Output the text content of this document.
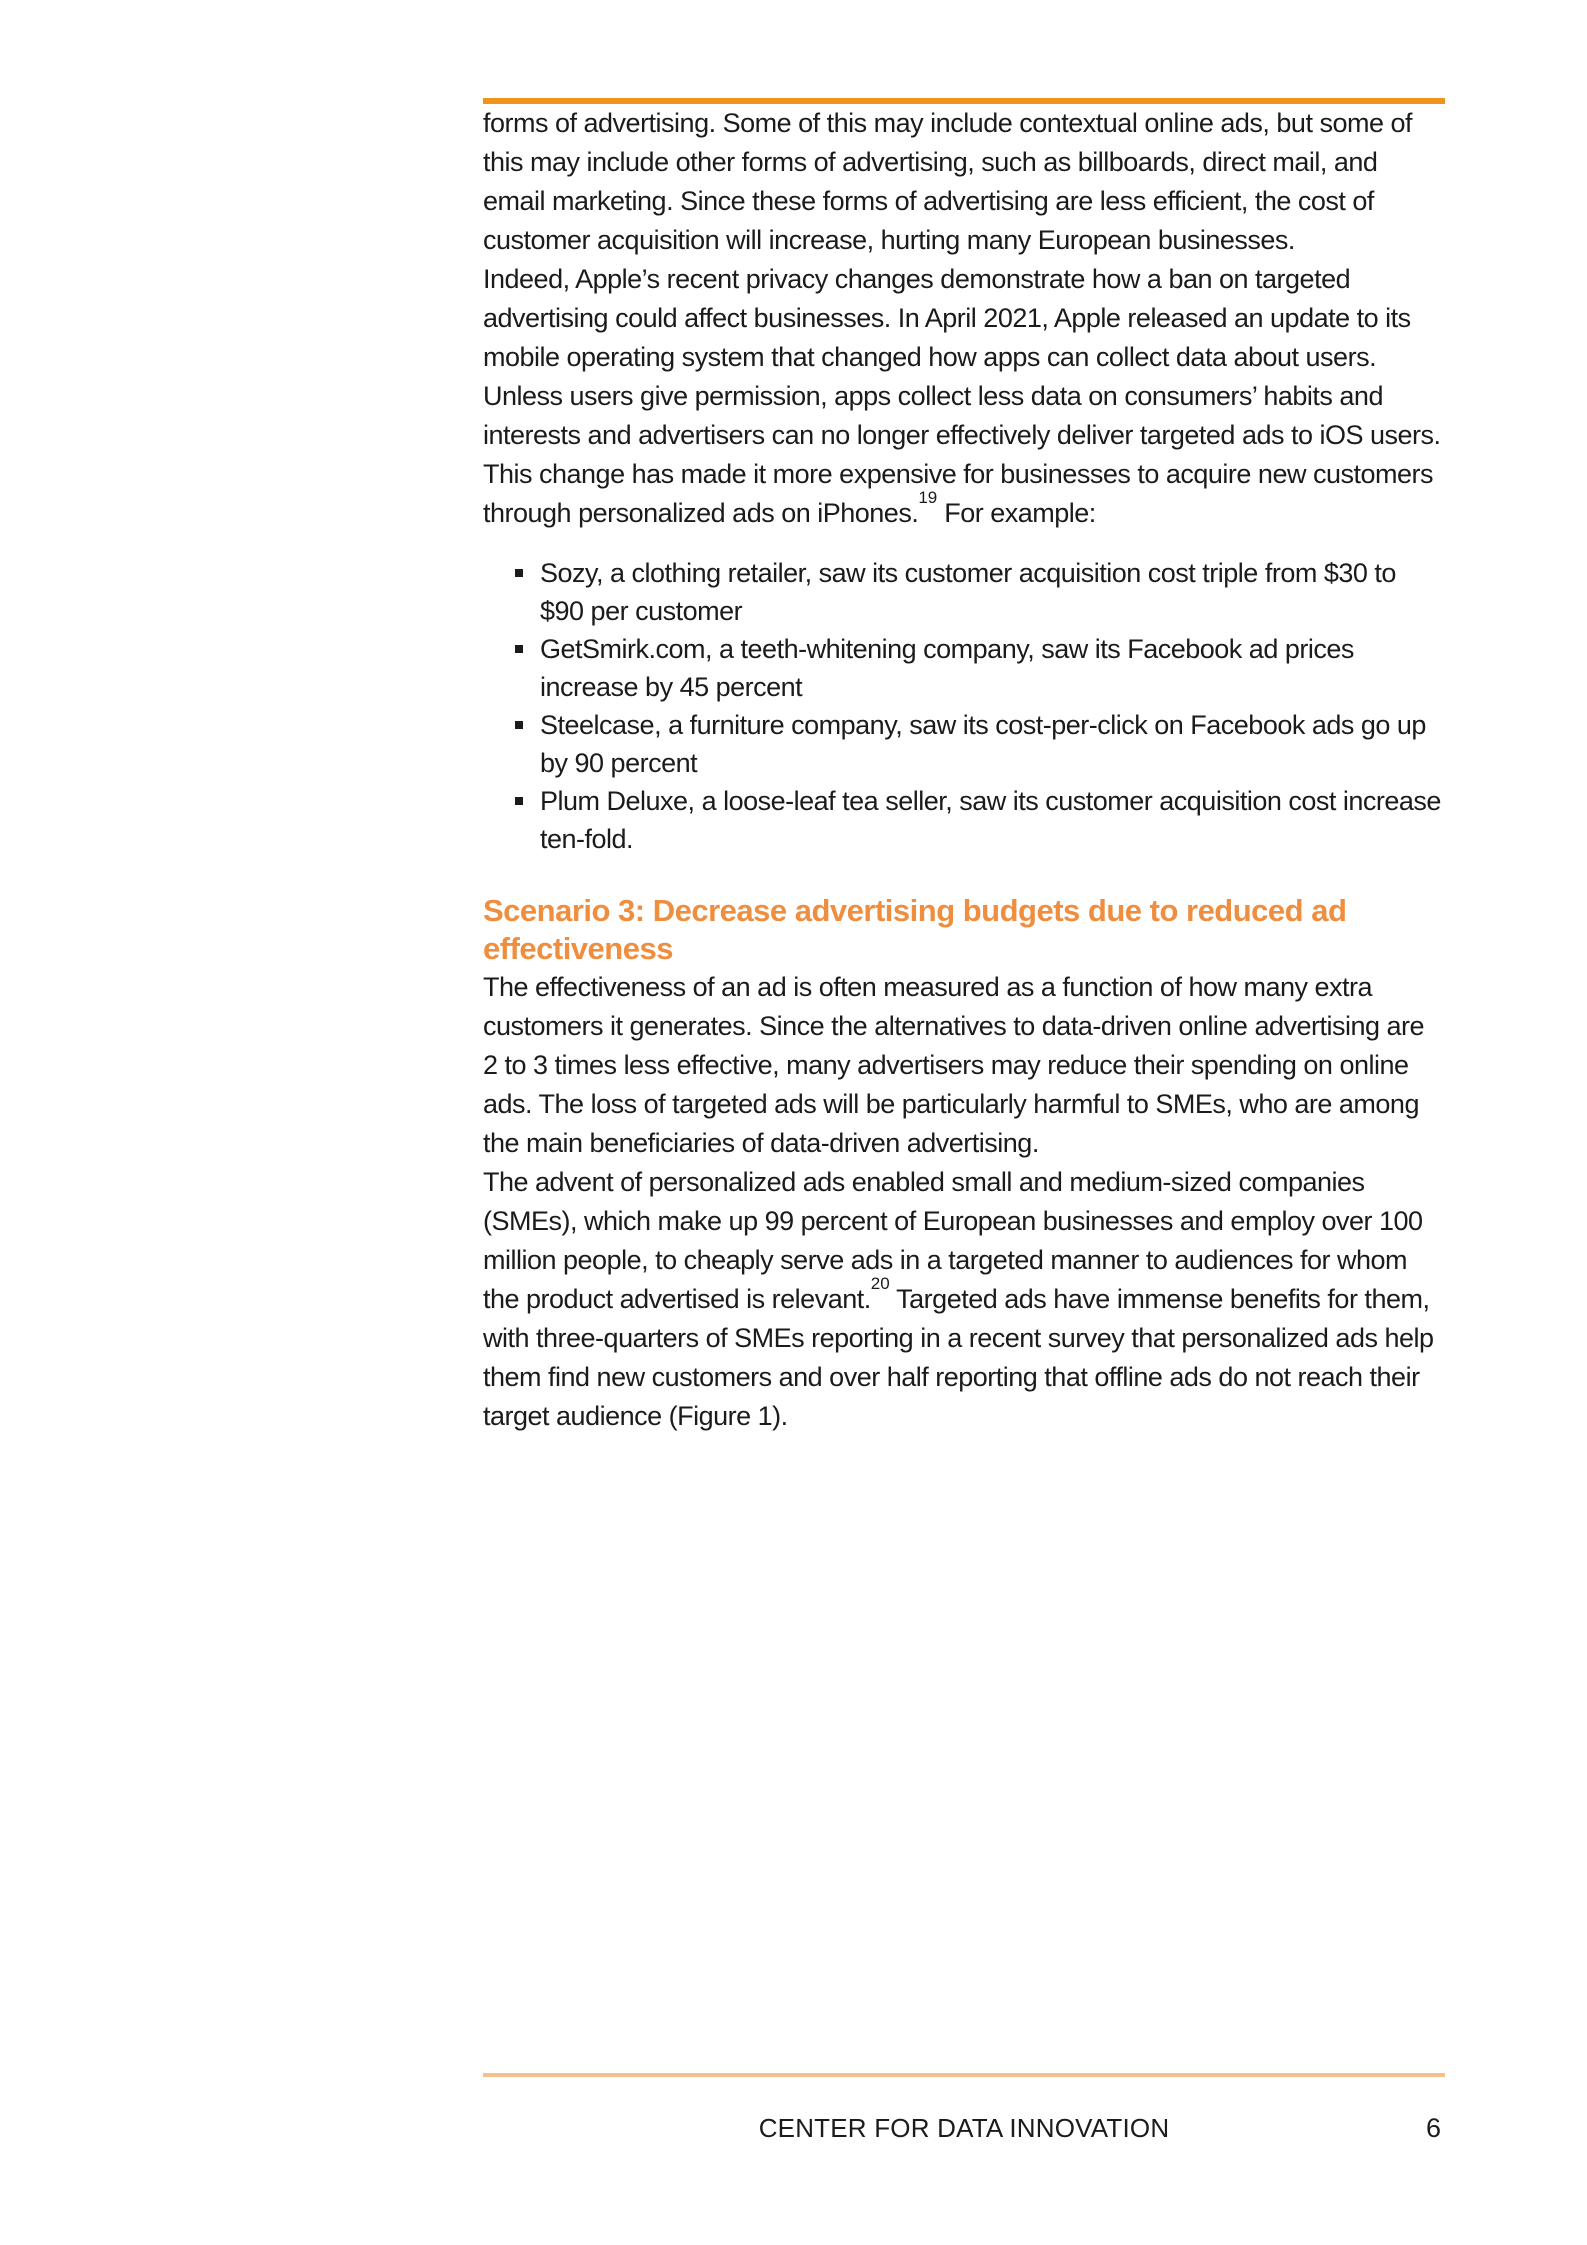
forms of advertising. Some of this may include contextual online ads, but some of this may include other forms of advertising, such as billboards, direct mail, and email marketing. Since these forms of advertising are less efficient, the cost of customer acquisition will increase, hurting many European businesses.

Indeed, Apple’s recent privacy changes demonstrate how a ban on targeted advertising could affect businesses. In April 2021, Apple released an update to its mobile operating system that changed how apps can collect data about users. Unless users give permission, apps collect less data on consumers’ habits and interests and advertisers can no longer effectively deliver targeted ads to iOS users. This change has made it more expensive for businesses to acquire new customers through personalized ads on iPhones.$^{19}$ For example:

Sozy, a clothing retailer, saw its customer acquisition cost triple from $30 to $90 per customer
GetSmirk.com, a teeth-whitening company, saw its Facebook ad prices increase by 45 percent
Steelcase, a furniture company, saw its cost-per-click on Facebook ads go up by 90 percent
Plum Deluxe, a loose-leaf tea seller, saw its customer acquisition cost increase ten-fold.
Scenario 3: Decrease advertising budgets due to reduced ad effectiveness

The effectiveness of an ad is often measured as a function of how many extra customers it generates. Since the alternatives to data-driven online advertising are 2 to 3 times less effective, many advertisers may reduce their spending on online ads. The loss of targeted ads will be particularly harmful to SMEs, who are among the main beneficiaries of data-driven advertising.

The advent of personalized ads enabled small and medium-sized companies (SMEs), which make up 99 percent of European businesses and employ over 100 million people, to cheaply serve ads in a targeted manner to audiences for whom the product advertised is relevant.$^{20}$ Targeted ads have immense benefits for them, with three-quarters of SMEs reporting in a recent survey that personalized ads help them find new customers and over half reporting that offline ads do not reach their target audience (Figure 1).

CENTER FOR DATA INNOVATION	6
